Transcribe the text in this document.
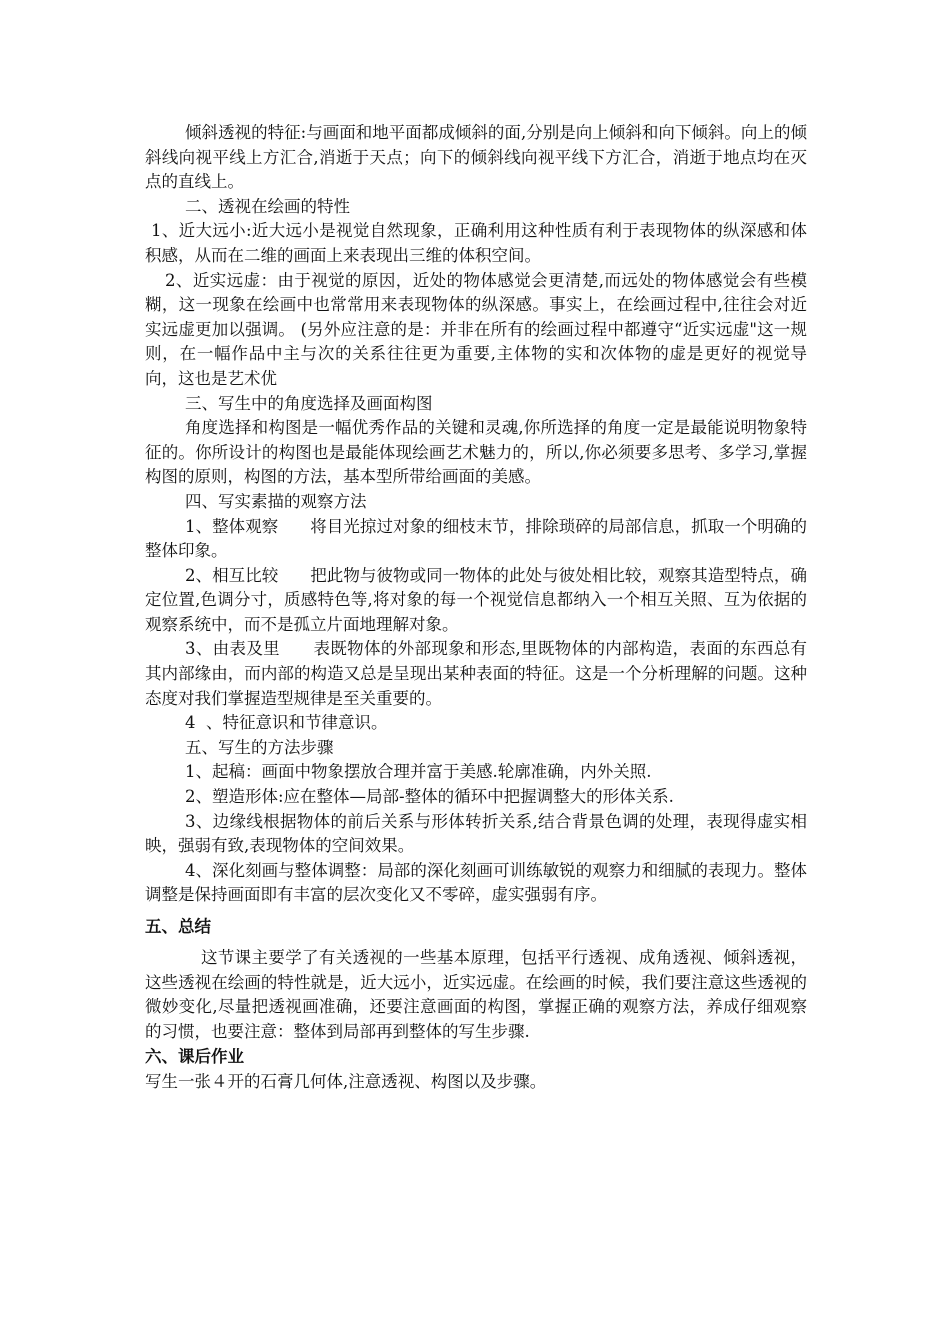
倾斜透视的特征:与画面和地平面都成倾斜的面,分别是向上倾斜和向下倾斜。向上的倾斜线向视平线上方汇合,消逝于天点；向下的倾斜线向视平线下方汇合，消逝于地点均在灭点的直线上。

二、透视在绘画的特性

1、近大远小:近大远小是视觉自然现象，正确利用这种性质有利于表现物体的纵深感和体积感，从而在二维的画面上来表现出三维的体积空间。

2、近实远虚：由于视觉的原因，近处的物体感觉会更清楚,而远处的物体感觉会有些模糊，这一现象在绘画中也常常用来表现物体的纵深感。事实上，在绘画过程中,往往会对近实远虚更加以强调。 (另外应注意的是：并非在所有的绘画过程中都遵守“近实远虚"这一规则，在一幅作品中主与次的关系往往更为重要,主体物的实和次体物的虚是更好的视觉导向，这也是艺术优

三、写生中的角度选择及画面构图

角度选择和构图是一幅优秀作品的关键和灵魂,你所选择的角度一定是最能说明物象特征的。你所设计的构图也是最能体现绘画艺术魅力的，所以,你必须要多思考、多学习,掌握构图的原则，构图的方法，基本型所带给画面的美感。

四、写实素描的观察方法

1、整体观察      将目光掠过对象的细枝末节，排除琐碎的局部信息，抓取一个明确的整体印象。

2、相互比较      把此物与彼物或同一物体的此处与彼处相比较，观察其造型特点，确定位置,色调分寸，质感特色等,将对象的每一个视觉信息都纳入一个相互关照、互为依据的观察系统中，而不是孤立片面地理解对象。

3、由表及里      表既物体的外部现象和形态,里既物体的内部构造，表面的东西总有其内部缘由，而内部的构造又总是呈现出某种表面的特征。这是一个分析理解的问题。这种态度对我们掌握造型规律是至关重要的。

4  、特征意识和节律意识。

五、写生的方法步骤

1、起稿：画面中物象摆放合理并富于美感.轮廓准确，内外关照.

2、塑造形体:应在整体—局部-整体的循环中把握调整大的形体关系.

3、边缘线根据物体的前后关系与形体转折关系,结合背景色调的处理，表现得虚实相映，强弱有致,表现物体的空间效果。

4、深化刻画与整体调整：局部的深化刻画可训练敏锐的观察力和细腻的表现力。整体调整是保持画面即有丰富的层次变化又不零碎，虚实强弱有序。

五、总结

这节课主要学了有关透视的一些基本原理，包括平行透视、成角透视、倾斜透视，这些透视在绘画的特性就是，近大远小，近实远虚。在绘画的时候，我们要注意这些透视的微妙变化,尽量把透视画准确，还要注意画面的构图，掌握正确的观察方法，养成仔细观察的习惯，也要注意：整体到局部再到整体的写生步骤.

六、课后作业

写生一张４开的石膏几何体,注意透视、构图以及步骤。
